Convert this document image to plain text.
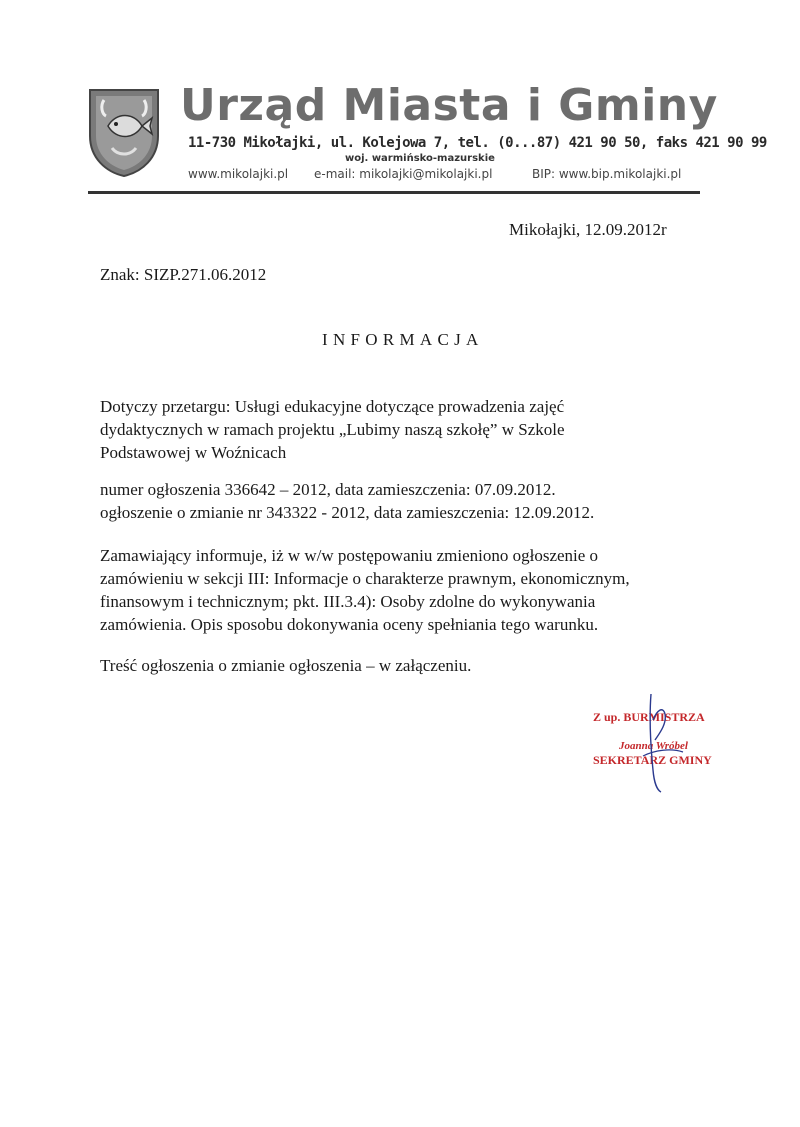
Urząd Miasta i Gminy
11-730 Mikołajki, ul. Kolejowa 7, tel. (0...87) 421 90 50, faks 421 90 99
woj. warmińsko-mazurskie
www.mikolajki.pl e-mail: mikolajki@mikolajki.pl	BIP: www.bip.mikolajki.pl
Mikołajki, 12.09.2012r
Znak: SIZP.271.06.2012
INFORMACJA
Dotyczy przetargu: Usługi edukacyjne dotyczące prowadzenia zajęć
dydaktycznych w ramach projektu „Lubimy naszą szkołę” w Szkole
Podstawowej w Woźnicach
numer ogłoszenia 336642 – 2012, data zamieszczenia: 07.09.2012.
ogłoszenie o zmianie nr 343322 - 2012, data zamieszczenia: 12.09.2012.
Zamawiający informuje, iż w w/w postępowaniu zmieniono ogłoszenie o
zamówieniu w sekcji III: Informacje o charakterze prawnym, ekonomicznym,
finansowym i technicznym; pkt. III.3.4): Osoby zdolne do wykonywania
zamówienia. Opis sposobu dokonywania oceny spełniania tego warunku.
Treść ogłoszenia o zmianie ogłoszenia – w załączeniu.
Z up. BURMISTRZA
Joanna Wróbel
SEKRETARZ GMINY
